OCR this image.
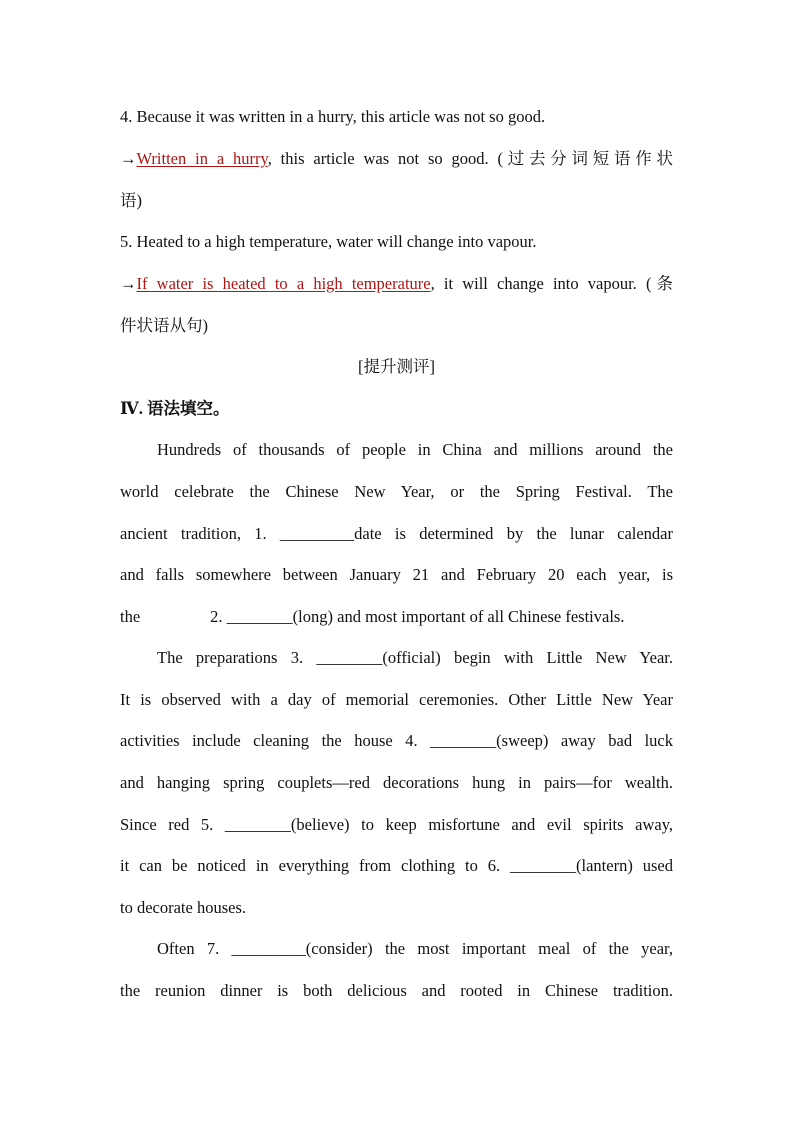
4. Because it was written in a hurry, this article was not so good.
→Written in a hurry, this article was not so good. (过去分词短语作状
语)
5. Heated to a high temperature, water will change into vapour.
→If water is heated to a high temperature, it will change into vapour. (条
件状语从句)
[提升测评]
Ⅳ. 语法填空。
Hundreds of thousands of people in China and millions around the
world celebrate the Chinese New Year, or the Spring Festival. The
ancient tradition, 1. _________date is determined by the lunar calendar
and falls somewhere between January 21 and February 20 each year, is
the	2. ________(long) and most important of all Chinese festivals.
The preparations 3. ________(official) begin with Little New Year.
It is observed with a day of memorial ceremonies. Other Little New Year
activities include cleaning the house 4. ________(sweep) away bad luck
and hanging spring couplets—red decorations hung in pairs—for wealth.
Since red 5. ________(believe) to keep misfortune and evil spirits away,
it can be noticed in everything from clothing to 6. ________(lantern) used
to decorate houses.
Often 7. _________(consider) the most important meal of the year,
the reunion dinner is both delicious and rooted in Chinese tradition.
